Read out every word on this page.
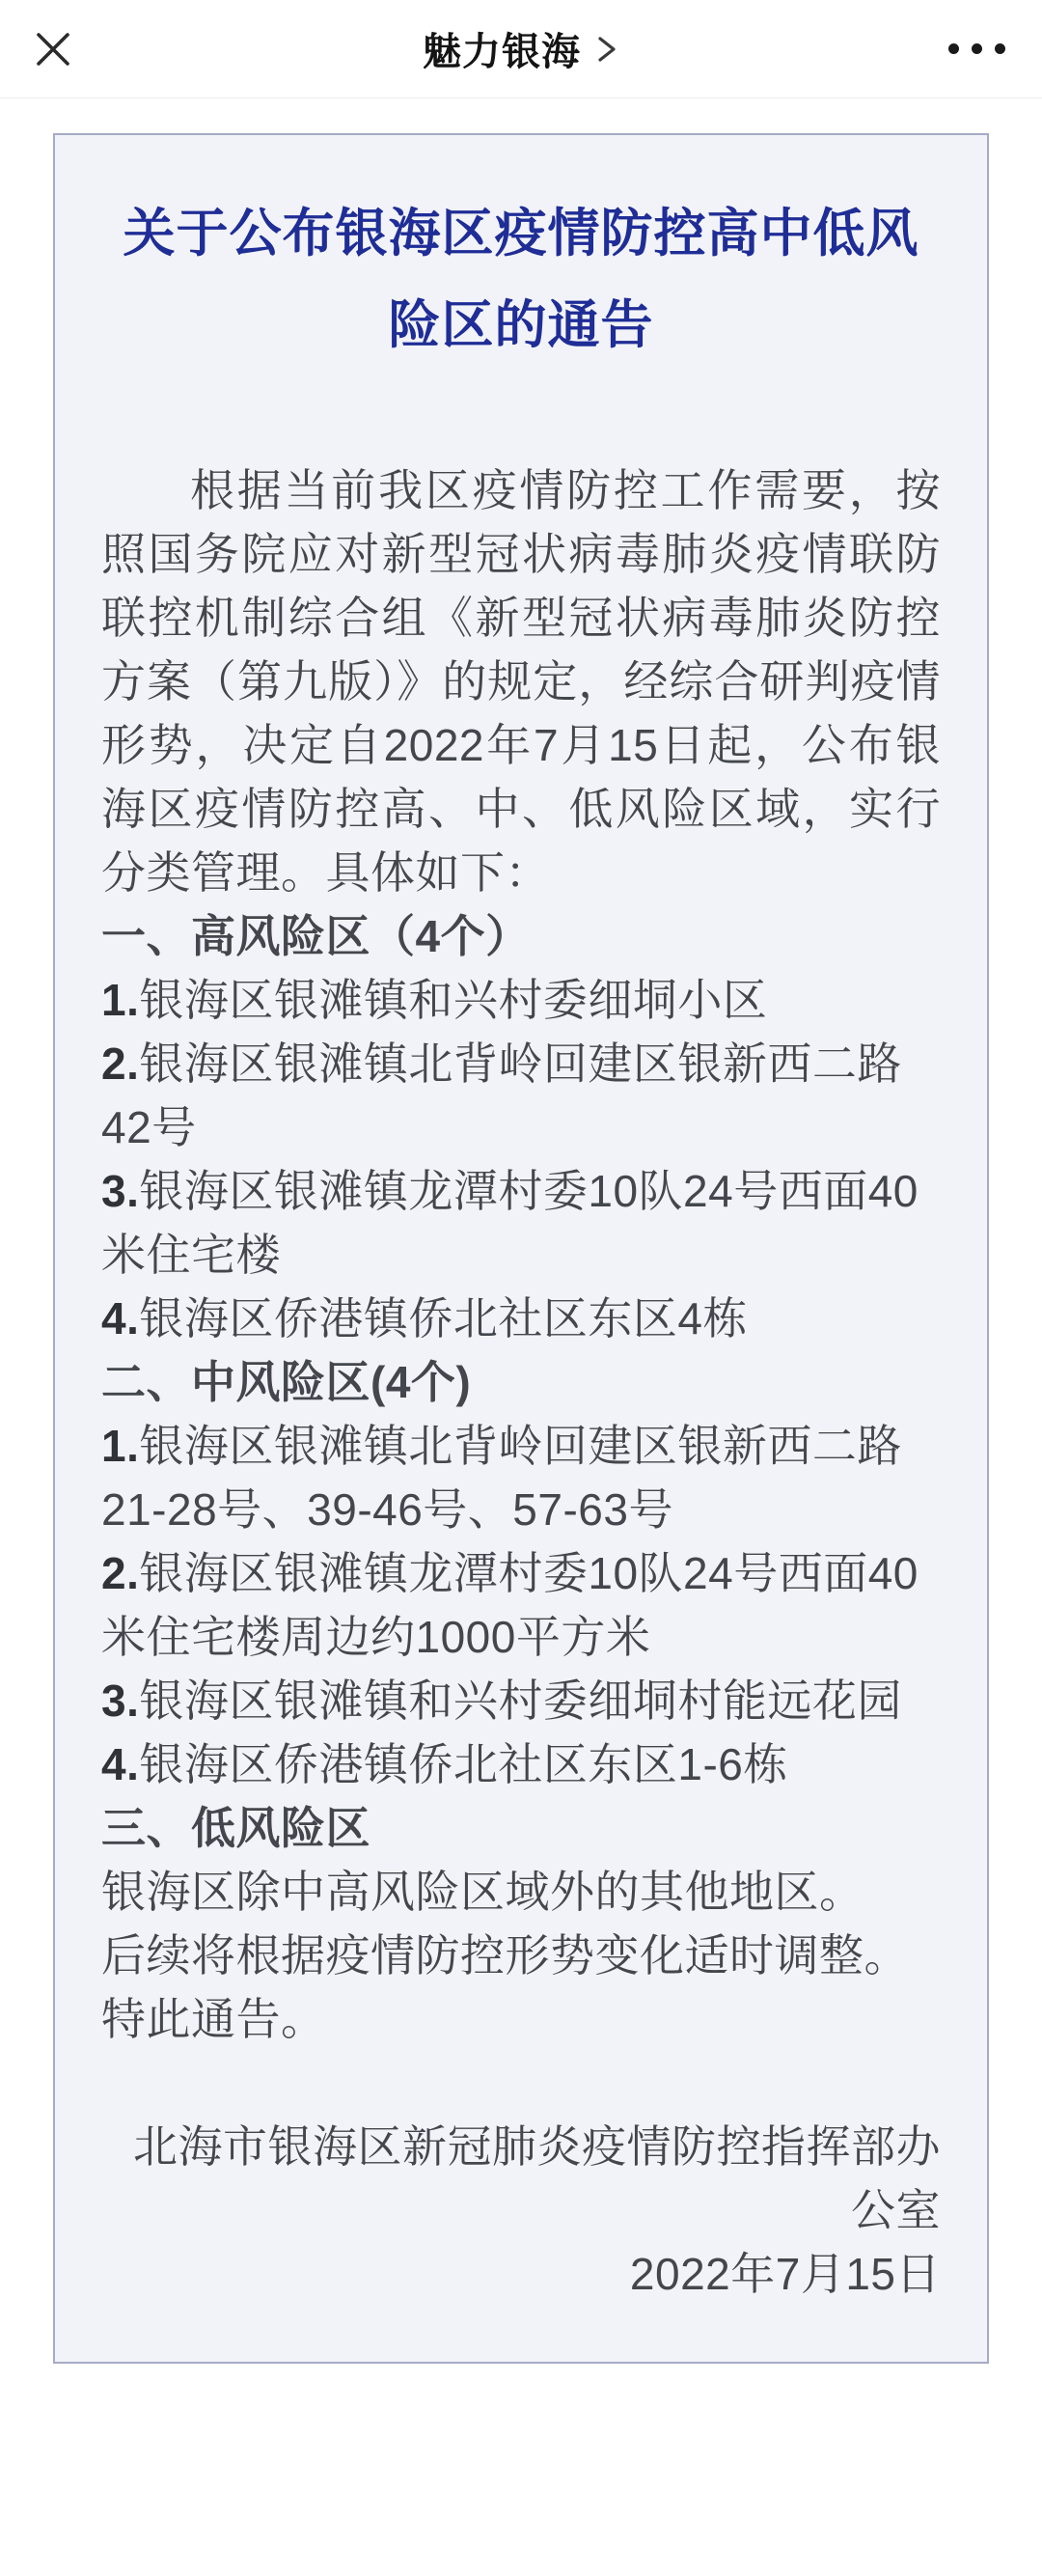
魅力银海
关于公布银海区疫情防控高中低风险区的通告

根据当前我区疫情防控工作需要，按照国务院应对新型冠状病毒肺炎疫情联防联控机制综合组《新型冠状病毒肺炎防控方案（第九版）》的规定，经综合研判疫情形势，决定自2022年7月15日起，公布银海区疫情防控高、中、低风险区域，实行分类管理。具体如下：

一、高风险区（4个）

1.银海区银滩镇和兴村委细垌小区

2.银海区银滩镇北背岭回建区银新西二路42号

3.银海区银滩镇龙潭村委10队24号西面40米住宅楼

4.银海区侨港镇侨北社区东区4栋

二、中风险区(4个)

1.银海区银滩镇北背岭回建区银新西二路21-28号、39-46号、57-63号

2.银海区银滩镇龙潭村委10队24号西面40米住宅楼周边约1000平方米

3.银海区银滩镇和兴村委细垌村能远花园

4.银海区侨港镇侨北社区东区1-6栋

三、低风险区

银海区除中高风险区域外的其他地区。

后续将根据疫情防控形势变化适时调整。

特此通告。

北海市银海区新冠肺炎疫情防控指挥部办公室

2022年7月15日
